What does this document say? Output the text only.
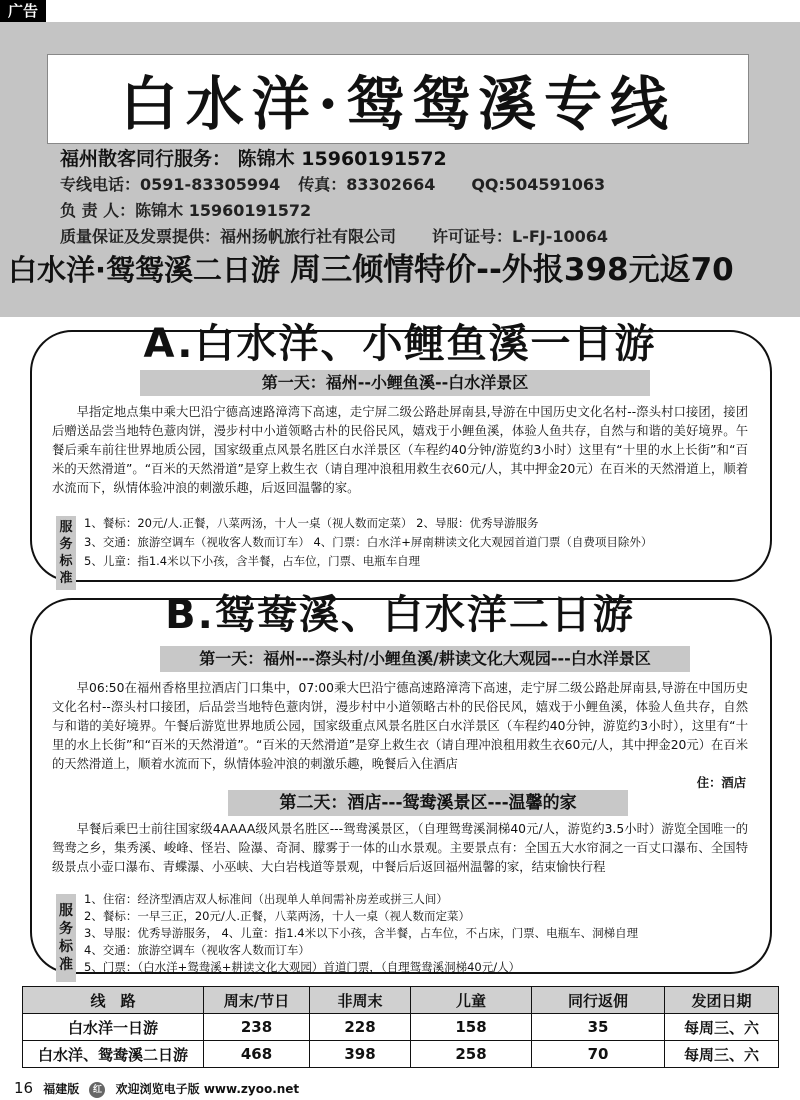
广告
白水洋·鸳鸳溪专线
福州散客同行服务： 陈锦木 15960191572
专线电话：0591-83305994 传真：83302664 QQ:504591063
负 责 人：陈锦木 15960191572
质量保证及发票提供：福州扬帆旅行社有限公司 许可证号：L-FJ-10064
白水洋·鸳鸳溪二日游 周三倾情特价--外报398元返70
A.白水洋、小鲤鱼溪一日游
第一天：福州--小鲤鱼溪--白水洋景区
早指定地点集中乘大巴沿宁德高速路漳湾下高速，走宁屏二级公路赴屏南县,导游在中国历史文化名村--漈头村口接团，接团后赠送品尝当地特色薏肉饼，漫步村中小道领略古朴的民俗民风，嬉戏于小鲤鱼溪，体验人鱼共存，自然与和谐的美好境界。午餐后乘车前往世界地质公园，国家级重点风景名胜区白水洋景区（车程约40分钟/游览约3小时）这里有“十里的水上长街”和“百米的天然滑道”。“百米的天然滑道”是穿上救生衣（请自理冲浪租用救生衣60元/人，其中押金20元）在百米的天然滑道上，顺着水流而下，纵情体验冲浪的刺激乐趣，后返回温馨的家。
服务标准
1、餐标：20元/人.正餐，八菜两汤，十人一桌（视人数而定菜） 2、导服：优秀导游服务
3、交通：旅游空调车（视收客人数而订车） 4、门票：白水洋+屏南耕读文化大观园首道门票（自费项目除外）
5、儿童：指1.4米以下小孩，含半餐，占车位，门票、电瓶车自理
B.鸳鸯溪、白水洋二日游
第一天：福州---漈头村/小鲤鱼溪/耕读文化大观园---白水洋景区
早06:50在福州香格里拉酒店门口集中，07:00乘大巴沿宁德高速路漳湾下高速，走宁屏二级公路赴屏南县,导游在中国历史文化名村--漈头村口接团，后品尝当地特色薏肉饼，漫步村中小道领略古朴的民俗民风，嬉戏于小鲤鱼溪，体验人鱼共存，自然与和谐的美好境界。午餐后游览世界地质公园，国家级重点风景名胜区白水洋景区（车程约40分钟，游览约3小时），这里有“十里的水上长街”和“百米的天然滑道”。“百米的天然滑道”是穿上救生衣（请自理冲浪租用救生衣60元/人，其中押金20元）在百米的天然滑道上，顺着水流而下，纵情体验冲浪的刺激乐趣，晚餐后入住酒店
住：酒店
第二天：酒店---鸳鸯溪景区---温馨的家
早餐后乘巴士前往国家级4AAAA级风景名胜区---鸳鸯溪景区，（自理鸳鸯溪洞梯40元/人，游览约3.5小时）游览全国唯一的鸳鸯之乡，集秀溪、峻峰、怪岩、险瀑、奇洞、朦雾于一体的山水景观。主要景点有：全国五大水帘洞之一百丈口瀑布、全国特级景点小壶口瀑布、青蝶瀑、小巫峡、大白岩栈道等景观，中餐后后返回福州温馨的家，结束愉快行程
服务标准
1、住宿：经济型酒店双人标准间（出现单人单间需补房差或拼三人间）
2、餐标：一早三正，20元/人.正餐，八菜两汤，十人一桌（视人数而定菜）
3、导服：优秀导游服务， 4、儿童：指1.4米以下小孩，含半餐，占车位，不占床，门票、电瓶车、洞梯自理
4、交通：旅游空调车（视收客人数而订车）
5、门票：（白水洋+鸳鸯溪+耕读文化大观园）首道门票，（自理鸳鸯溪洞梯40元/人）
线　路	周末/节日	非周末	儿童	同行返佣	发团日期
白水洋一日游	238	228	158	35	每周三、六
白水洋、鸳鸯溪二日游	468	398	258	70	每周三、六
16 福建版 红 欢迎浏览电子版 www.zyoo.net
